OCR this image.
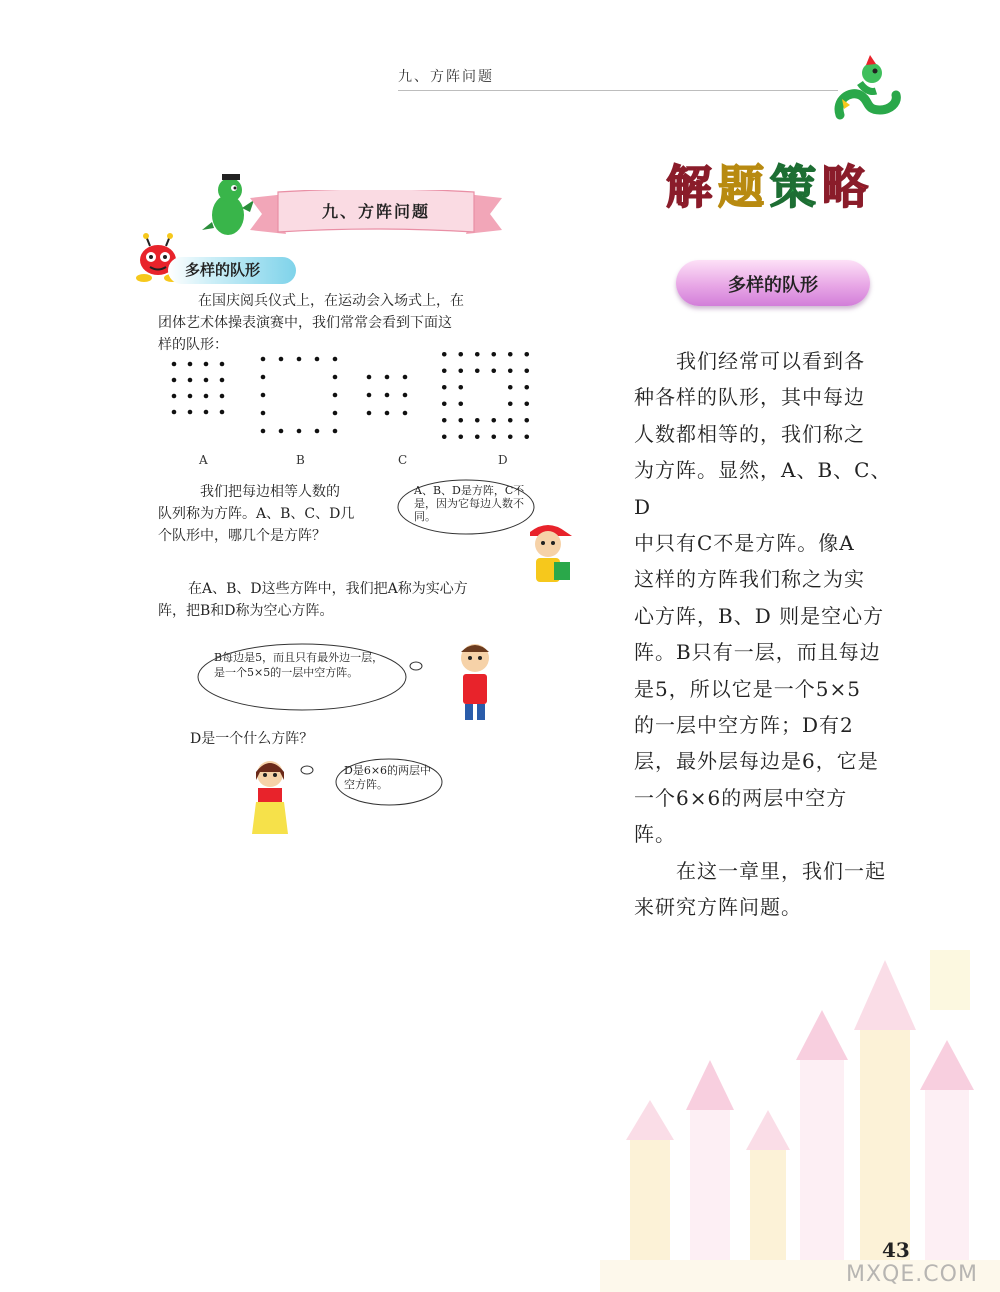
九、方阵问题
九、方阵问题
多样的队形
在国庆阅兵仪式上，在运动会入场式上，在
团体艺术体操表演赛中，我们常常会看到下面这
样的队形：
A	B	C	D
我们把每边相等人数的
队列称为方阵。A、B、C、D几
个队形中，哪几个是方阵？
A、B、D是方阵，C不是，因为它每边人数不同。
在A、B、D这些方阵中，我们把A称为实心方
阵，把B和D称为空心方阵。
B每边是5，而且只有最外边一层，是一个5×5的一层中空方阵。
D是一个什么方阵？
D是6×6的两层中空方阵。
解 题 策 略
多样的队形

我们经常可以看到各

种各样的队形，其中每边

人数都相等的，我们称之

为方阵。显然，A、B、C、D

中只有C不是方阵。像A

这样的方阵我们称之为实

心方阵，B、D 则是空心方

阵。B只有一层，而且每边

是5，所以它是一个5×5

的一层中空方阵；D有2

层，最外层每边是6，它是

一个6×6的两层中空方

阵。

在这一章里，我们一起

来研究方阵问题。

43
MXQE.COM
